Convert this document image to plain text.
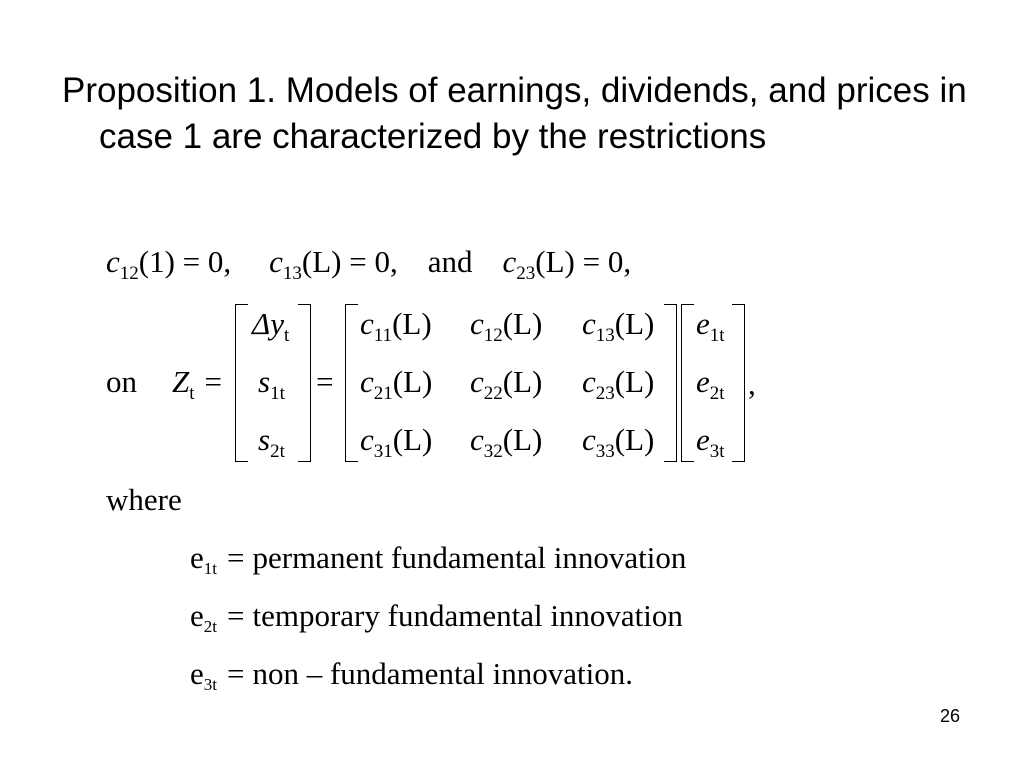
Proposition 1. Models of earnings, dividends, and prices in case 1 are characterized by the restrictions
$c_{12}(1) = 0$, $c_{13}(L) = 0$, and $c_{23}(L) = 0$,
on $Z_t$ =
$\Delta y_t$
$s_{1t}$
$s_{2t}$
=
$c_{11}(L)$ $c_{12}(L)$ $c_{13}(L)$
$c_{21}(L)$ $c_{22}(L)$ $c_{23}(L)$
$c_{31}(L)$ $c_{32}(L)$ $c_{33}(L)$
$e_{1t}$
$e_{2t}$
$e_{3t}$
,
where
e1t = permanent fundamental innovation
e2t = temporary fundamental innovation
e3t = non – fundamental innovation.
26
